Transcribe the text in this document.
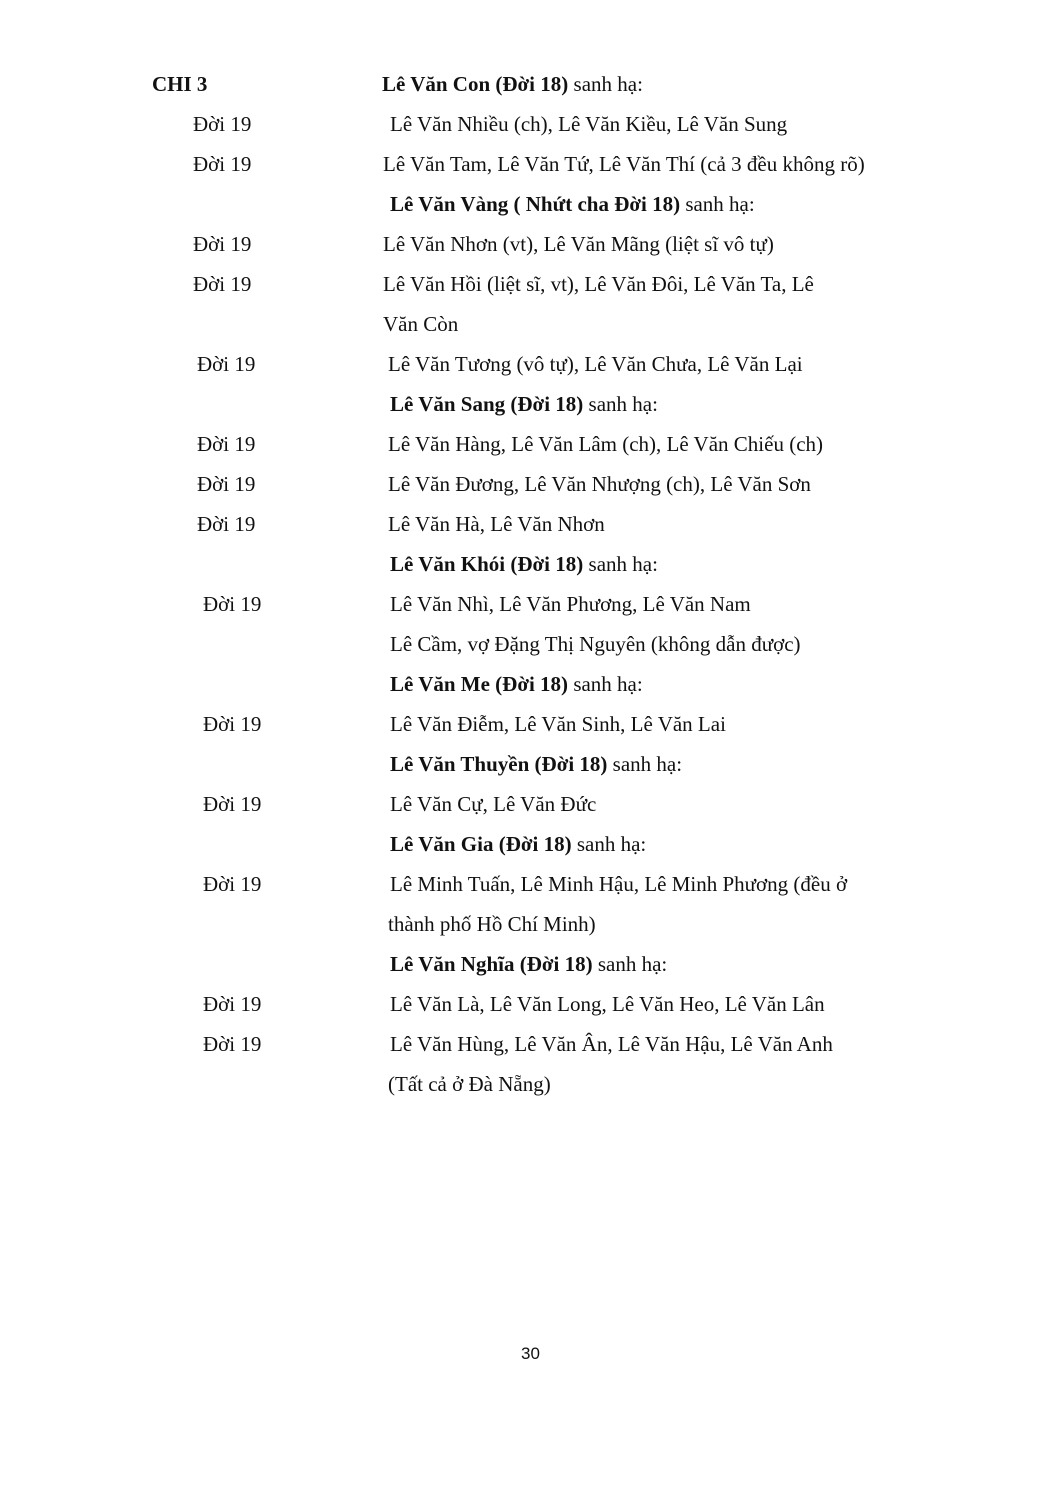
CHI 3
Đời 19
Đời 19
Đời 19
Đời 19
Đời 19
Đời 19
Đời 19
Đời 19
Đời 19
Đời 19
Đời 19
Đời 19
Đời 19
Đời 19
Lê Văn Con (Đời 18) sanh hạ:
Lê Văn Vàng ( Nhứt cha Đời 18) sanh hạ:
Lê Văn Sang (Đời 18) sanh hạ:
Lê Văn Khói (Đời 18) sanh hạ:
Lê Văn Me (Đời 18) sanh hạ:
Lê Văn Thuyền (Đời 18) sanh hạ:
Lê Văn Gia (Đời 18) sanh hạ:
Lê Văn Nghĩa (Đời 18) sanh hạ:
Lê Văn Nhiều (ch), Lê Văn Kiều, Lê Văn Sung
Lê Văn Tam, Lê Văn Tứ, Lê Văn Thí (cả 3 đều không rõ)
Lê Văn Nhơn (vt), Lê Văn Mãng (liệt sĩ vô tự)
Lê Văn Hồi (liệt sĩ, vt), Lê Văn Đôi, Lê Văn Ta, Lê
Văn Còn
Lê Văn Tương (vô tự), Lê Văn Chưa, Lê Văn Lại
Lê Văn Hàng, Lê Văn Lâm (ch), Lê Văn Chiếu (ch)
Lê Văn Đương, Lê Văn Nhượng (ch), Lê Văn Sơn
Lê Văn Hà, Lê Văn Nhơn
Lê Văn Nhì, Lê Văn Phương, Lê Văn Nam
Lê Cầm, vợ Đặng Thị Nguyên (không dẫn được)
Lê Văn Điễm, Lê Văn Sinh, Lê Văn Lai
Lê Văn Cự, Lê Văn Đức
Lê Minh Tuấn, Lê Minh Hậu, Lê Minh Phương (đều ở
thành phố Hồ Chí Minh)
Lê Văn Là, Lê Văn Long, Lê Văn Heo, Lê Văn Lân
Lê Văn Hùng, Lê Văn Ân, Lê Văn Hậu, Lê Văn Anh
(Tất cả ở Đà Nẵng)
30
